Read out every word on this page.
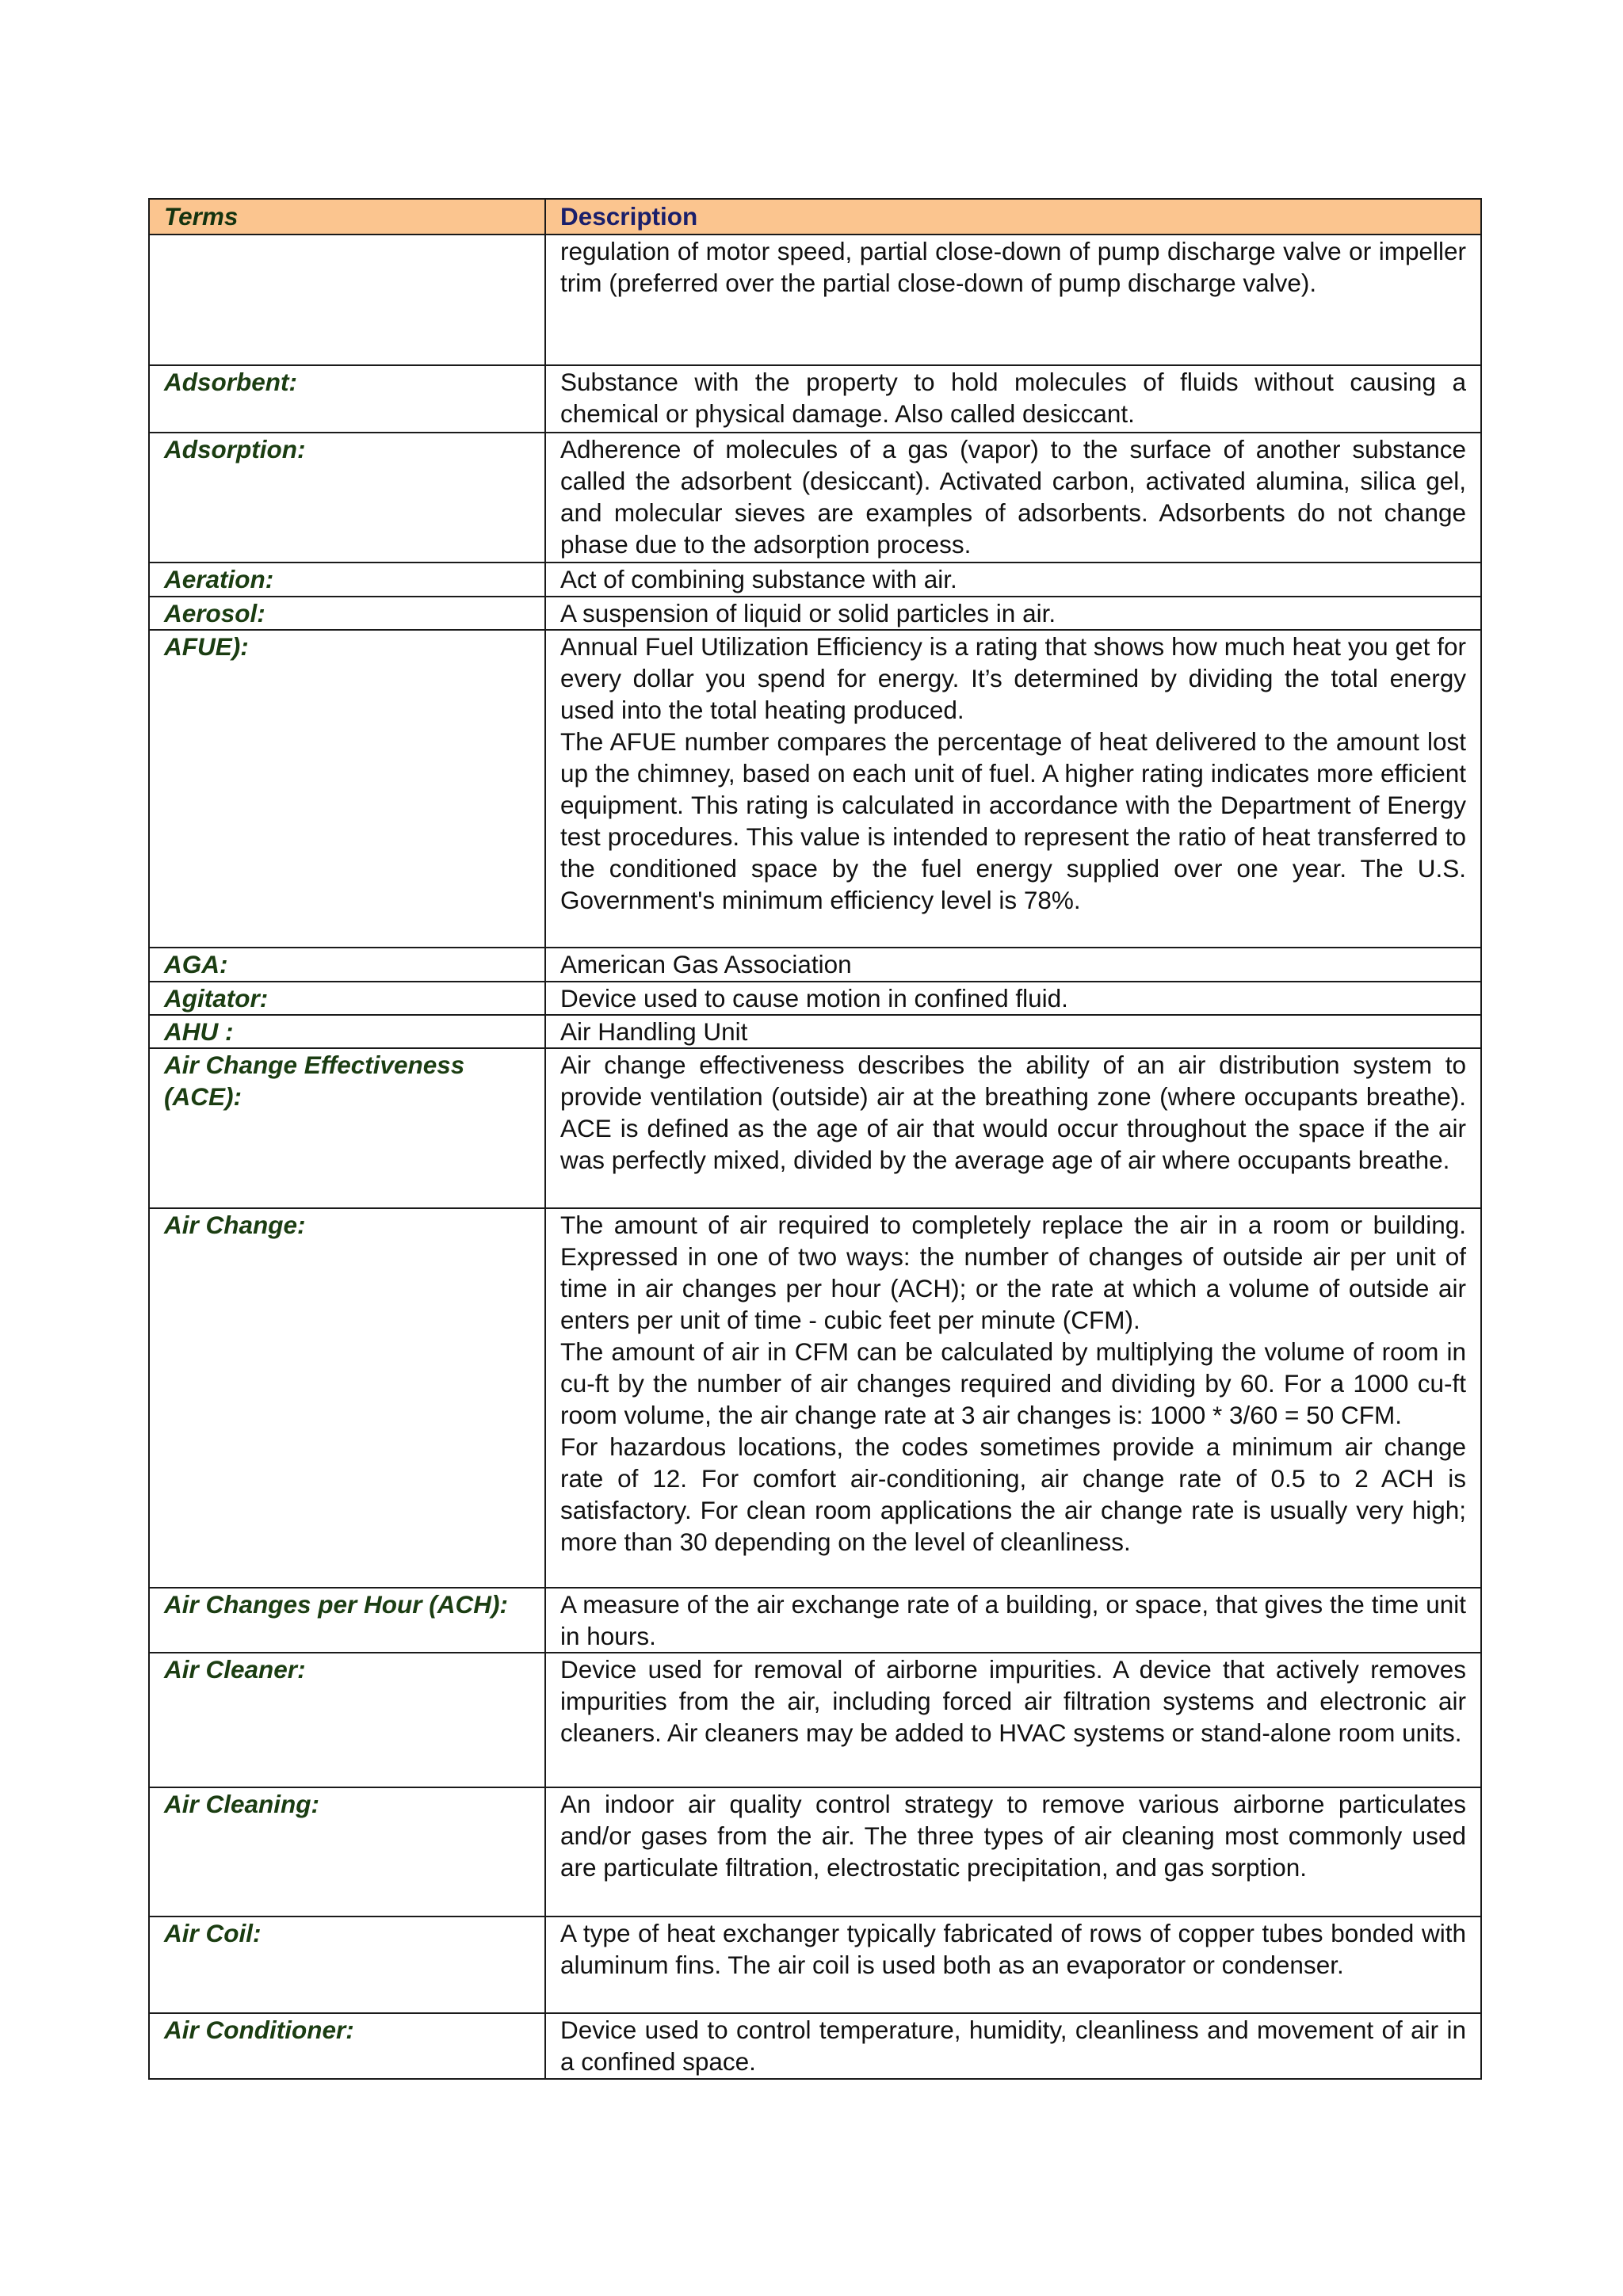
Terms	Description

	regulation of motor speed, partial close-down of pump discharge valve or impeller trim (preferred over the partial close-down of pump discharge valve).

Adsorbent:	Substance with the property to hold molecules of fluids without causing a chemical or physical damage. Also called desiccant.

Adsorption:	Adherence of molecules of a gas (vapor) to the surface of another substance called the adsorbent (desiccant). Activated carbon, activated alumina, silica gel, and molecular sieves are examples of adsorbents. Adsorbents do not change phase due to the adsorption process.

Aeration:	Act of combining substance with air.

Aerosol:	A suspension of liquid or solid particles in air.

AFUE):	Annual Fuel Utilization Efficiency is a rating that shows how much heat you get for every dollar you spend for energy. It’s determined by dividing the total energy used into the total heating produced.
The AFUE number compares the percentage of heat delivered to the amount lost up the chimney, based on each unit of fuel. A higher rating indicates more efficient equipment. This rating is calculated in accordance with the Department of Energy test procedures. This value is intended to represent the ratio of heat transferred to the conditioned space by the fuel energy supplied over one year. The U.S. Government's minimum efficiency level is 78%.

AGA:	American Gas Association

Agitator:	Device used to cause motion in confined fluid.

AHU :	Air Handling Unit

Air Change Effectiveness (ACE):	Air change effectiveness describes the ability of an air distribution system to provide ventilation (outside) air at the breathing zone (where occupants breathe). ACE is defined as the age of air that would occur throughout the space if the air was perfectly mixed, divided by the average age of air where occupants breathe.

Air Change:	The amount of air required to completely replace the air in a room or building. Expressed in one of two ways: the number of changes of outside air per unit of time in air changes per hour (ACH); or the rate at which a volume of outside air enters per unit of time - cubic feet per minute (CFM).
The amount of air in CFM can be calculated by multiplying the volume of room in cu-ft by the number of air changes required and dividing by 60. For a 1000 cu-ft room volume, the air change rate at 3 air changes is: 1000 * 3/60 = 50 CFM.
For hazardous locations, the codes sometimes provide a minimum air change rate of 12. For comfort air-conditioning, air change rate of 0.5 to 2 ACH is satisfactory. For clean room applications the air change rate is usually very high; more than 30 depending on the level of cleanliness.

Air Changes per Hour (ACH):	A measure of the air exchange rate of a building, or space, that gives the time unit in hours.

Air Cleaner:	Device used for removal of airborne impurities. A device that actively removes impurities from the air, including forced air filtration systems and electronic air cleaners. Air cleaners may be added to HVAC systems or stand-alone room units.

Air Cleaning:	An indoor air quality control strategy to remove various airborne particulates and/or gases from the air. The three types of air cleaning most commonly used are particulate filtration, electrostatic precipitation, and gas sorption.

Air Coil:	A type of heat exchanger typically fabricated of rows of copper tubes bonded with aluminum fins. The air coil is used both as an evaporator or condenser.

Air Conditioner:	Device used to control temperature, humidity, cleanliness and movement of air in a confined space.
